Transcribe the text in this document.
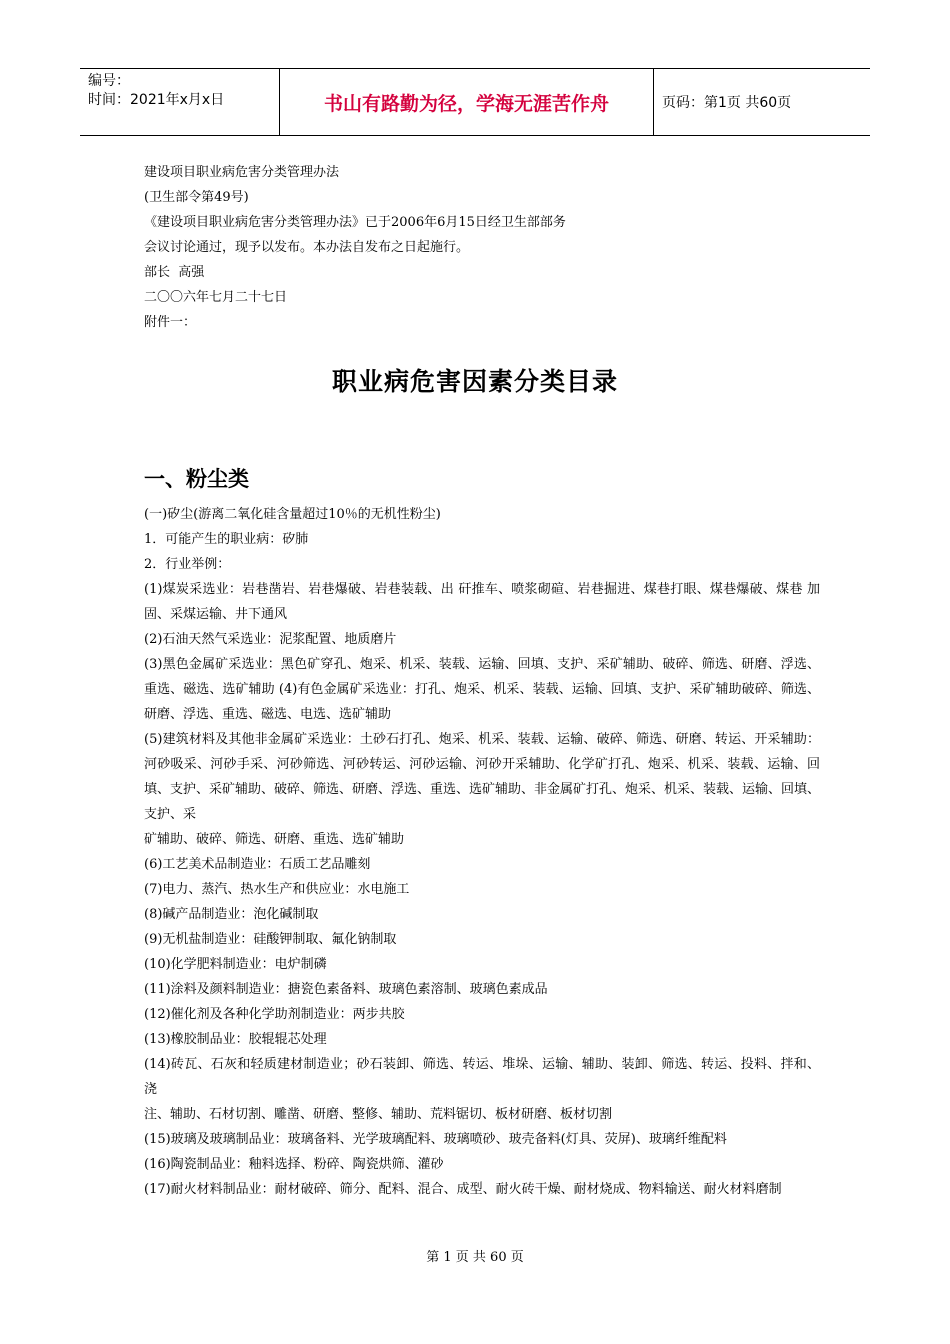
编号：
时间：2021年x月x日	书山有路勤为径，学海无涯苦作舟	页码：第1页 共60页
建设项目职业病危害分类管理办法
(卫生部令第49号)
《建设项目职业病危害分类管理办法》已于2006年6月15日经卫生部部务
会议讨论通过，现予以发布。本办法自发布之日起施行。
部长  高强
二〇〇六年七月二十七日
附件一：
职业病危害因素分类目录
一、粉尘类
(一)矽尘(游离二氧化硅含量超过10％的无机性粉尘)
1．可能产生的职业病：矽肺
2．行业举例：
(1)煤炭采选业：岩巷凿岩、岩巷爆破、岩巷装载、出 矸推车、喷浆砌碹、岩巷掘进、煤巷打眼、煤巷爆破、煤巷 加固、采煤运输、井下通风
(2)石油天然气采选业：泥浆配置、地质磨片
(3)黑色金属矿采选业：黑色矿穿孔、炮采、机采、装载、运输、回填、支护、采矿辅助、破碎、筛选、研磨、浮选、重选、磁选、选矿辅助 (4)有色金属矿采选业：打孔、炮采、机采、装载、运输、回填、支护、采矿辅助破碎、筛选、研磨、浮选、重选、磁选、电选、选矿辅助
(5)建筑材料及其他非金属矿采选业：土砂石打孔、炮采、机采、装载、运输、破碎、筛选、研磨、转运、开采辅助：河砂吸采、河砂手采、河砂筛选、河砂转运、河砂运输、河砂开采辅助、化学矿打孔、炮采、机采、装载、运输、回填、支护、采矿辅助、破碎、筛选、研磨、浮选、重选、选矿辅助、非金属矿打孔、炮采、机采、装载、运输、回填、支护、采
矿辅助、破碎、筛选、研磨、重选、选矿辅助
(6)工艺美术品制造业：石质工艺品雕刻
(7)电力、蒸汽、热水生产和供应业：水电施工
(8)碱产品制造业：泡化碱制取
(9)无机盐制造业：硅酸钾制取、氟化钠制取
(10)化学肥料制造业：电炉制磷
(11)涂料及颜料制造业：搪瓷色素备料、玻璃色素溶制、玻璃色素成品
(12)催化剂及各种化学助剂制造业：两步共胶
(13)橡胶制品业：胶辊辊芯处理
(14)砖瓦、石灰和轻质建材制造业；砂石装卸、筛选、转运、堆垛、运输、辅助、装卸、筛选、转运、投料、拌和、浇
注、辅助、石材切割、雕凿、研磨、整修、辅助、荒料锯切、板材研磨、板材切割
(15)玻璃及玻璃制品业：玻璃备料、光学玻璃配料、玻璃喷砂、玻壳备料(灯具、荧屏)、玻璃纤维配料
(16)陶瓷制品业：釉料选择、粉碎、陶瓷烘筛、灌砂
(17)耐火材料制品业：耐材破碎、筛分、配料、混合、成型、耐火砖干燥、耐材烧成、物料输送、耐火材料磨制
第 1 页 共 60 页
